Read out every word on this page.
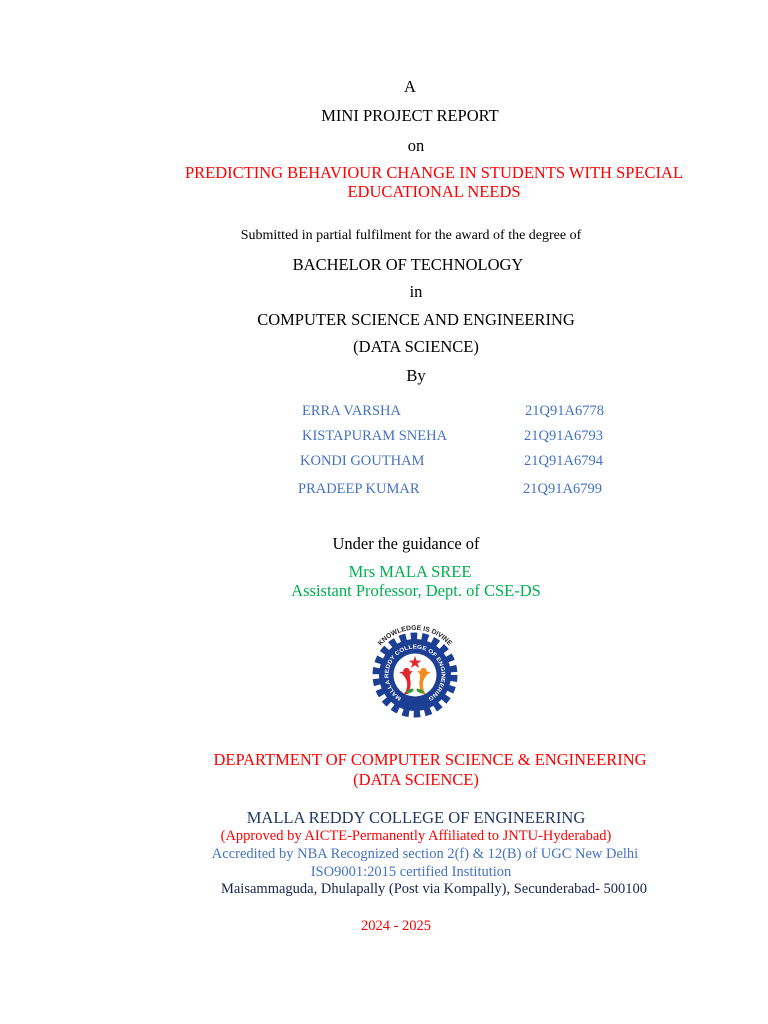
A
MINI PROJECT REPORT
on
PREDICTING BEHAVIOUR CHANGE IN STUDENTS WITH SPECIAL
EDUCATIONAL NEEDS
Submitted in partial fulfilment for the award of the degree of
BACHELOR OF TECHNOLOGY
in
COMPUTER SCIENCE AND ENGINEERING
(DATA SCIENCE)
By
ERRA VARSHA	21Q91A6778
KISTAPURAM SNEHA	21Q91A6793
KONDI GOUTHAM	21Q91A6794
PRADEEP KUMAR	21Q91A6799
Under the guidance of
Mrs MALA SREE
Assistant Professor, Dept. of CSE-DS
MALLA REDDY COLLEGE OF ENGINEERING
KNOWLEDGE IS DIVINE
DEPARTMENT OF COMPUTER SCIENCE & ENGINEERING
(DATA SCIENCE)
MALLA REDDY COLLEGE OF ENGINEERING
(Approved by AICTE-Permanently Affiliated to JNTU-Hyderabad)
Accredited by NBA Recognized section 2(f) & 12(B) of UGC New Delhi
ISO9001:2015 certified Institution
Maisammaguda, Dhulapally (Post via Kompally), Secunderabad- 500100
2024 - 2025
